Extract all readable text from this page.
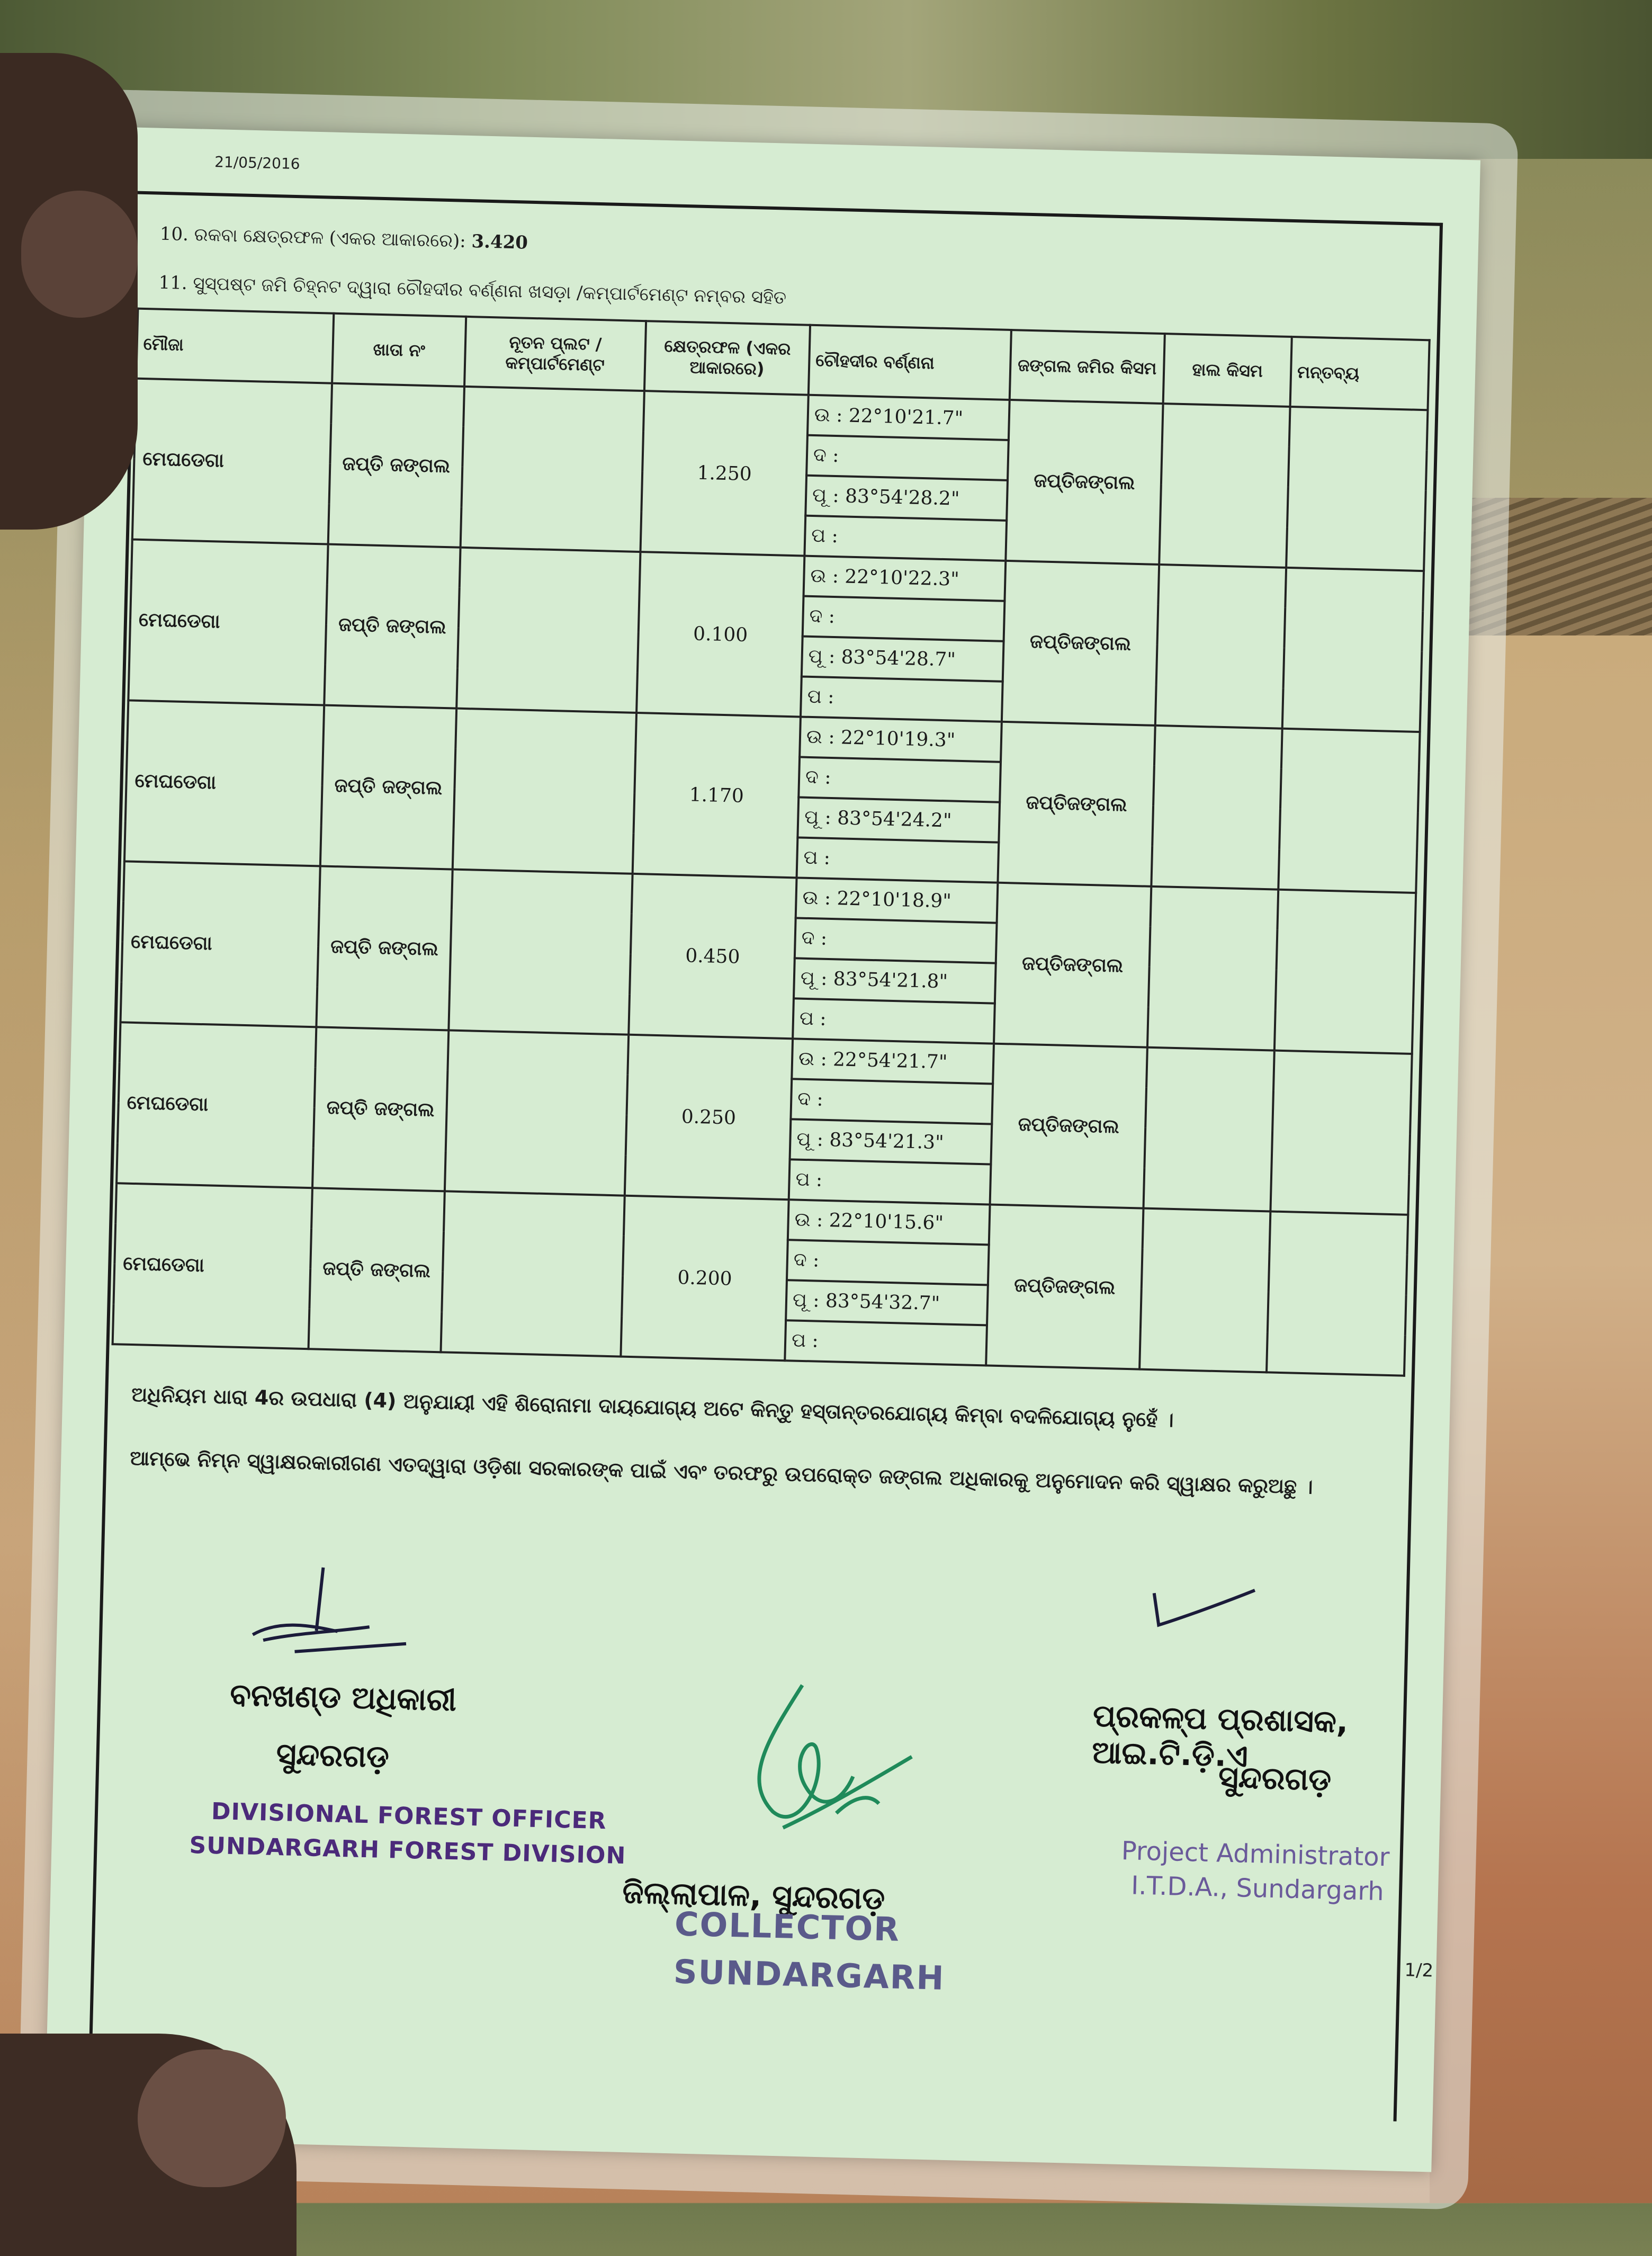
21/05/2016
10. ରକବା କ୍ଷେତ୍ରଫଳ (ଏକର ଆକାରରେ): 3.420
11. ସୁସ୍ପଷ୍ଟ ଜମି ଚିହ୍ନଟ ଦ୍ୱାରା ଚୌହଦୀର ବର୍ଣ୍ଣନା ଖସଡ଼ା /କମ୍ପାର୍ଟମେଣ୍ଟ ନମ୍ବର ସହିତ
ମୌଜା	ଖାତା ନଂ	ନୂତନ ପ୍ଲଟ / କମ୍ପାର୍ଟମେଣ୍ଟ	କ୍ଷେତ୍ରଫଳ (ଏକର ଆକାରରେ)	ଚୌହଦୀର ବର୍ଣ୍ଣନା	ଜଙ୍ଗଲ ଜମିର କିସମ	ହାଲ କିସମ	ମନ୍ତବ୍ୟ
ମେଘଡେଗା	ଜପ୍ତି ଜଙ୍ଗଲ		1.250	ଉ : 22°10'21.7"	ଜପ୍ତିଜଙ୍ଗଲ		
				ଦ :			
				ପୂ : 83°54'28.2"			
				ପ :			
ମେଘଡେଗା	ଜପ୍ତି ଜଙ୍ଗଲ		0.100	ଉ : 22°10'22.3"	ଜପ୍ତିଜଙ୍ଗଲ		
				ଦ :			
				ପୂ : 83°54'28.7"			
				ପ :			
ମେଘଡେଗା	ଜପ୍ତି ଜଙ୍ଗଲ		1.170	ଉ : 22°10'19.3"	ଜପ୍ତିଜଙ୍ଗଲ		
				ଦ :			
				ପୂ : 83°54'24.2"			
				ପ :			
ମେଘଡେଗା	ଜପ୍ତି ଜଙ୍ଗଲ		0.450	ଉ : 22°10'18.9"	ଜପ୍ତିଜଙ୍ଗଲ		
				ଦ :			
				ପୂ : 83°54'21.8"			
				ପ :			
ମେଘଡେଗା	ଜପ୍ତି ଜଙ୍ଗଲ		0.250	ଉ : 22°54'21.7"	ଜପ୍ତିଜଙ୍ଗଲ		
				ଦ :			
				ପୂ : 83°54'21.3"			
				ପ :			
ମେଘଡେଗା	ଜପ୍ତି ଜଙ୍ଗଲ		0.200	ଉ : 22°10'15.6"	ଜପ୍ତିଜଙ୍ଗଲ		
				ଦ :			
				ପୂ : 83°54'32.7"			
				ପ :			
ଅଧିନିୟମ ଧାରା 4ର ଉପଧାରା (4) ଅନୁଯାୟୀ ଏହି ଶିରୋନାମା ଦାୟଯୋଗ୍ୟ ଅଟେ କିନ୍ତୁ ହସ୍ତାନ୍ତରଯୋଗ୍ୟ କିମ୍ବା ବଦଳିଯୋଗ୍ୟ ନୁହେଁ ।
ଆମ୍ଭେ ନିମ୍ନ ସ୍ୱାକ୍ଷରକାରୀଗଣ ଏତଦ୍ୱାରା ଓଡ଼ିଶା ସରକାରଙ୍କ ପାଇଁ ଏବଂ ତରଫରୁ ଉପରୋକ୍ତ ଜଙ୍ଗଲ ଅଧିକାରକୁ ଅନୁମୋଦନ କରି ସ୍ୱାକ୍ଷର କରୁଅଛୁ ।
ବନଖଣ୍ଡ ଅଧିକାରୀ
ସୁନ୍ଦରଗଡ଼
DIVISIONAL FOREST OFFICER
SUNDARGARH FOREST DIVISION
ପ୍ରକଳ୍ପ ପ୍ରଶାସକ, ଆଇ.ଟି.ଡ଼ି.ଏ
ସୁନ୍ଦରଗଡ଼
Project Administrator
I.T.D.A., Sundargarh
ଜିଲ୍ଲାପାଳ, ସୁନ୍ଦରଗଡ଼
COLLECTOR
SUNDARGARH	1/2
